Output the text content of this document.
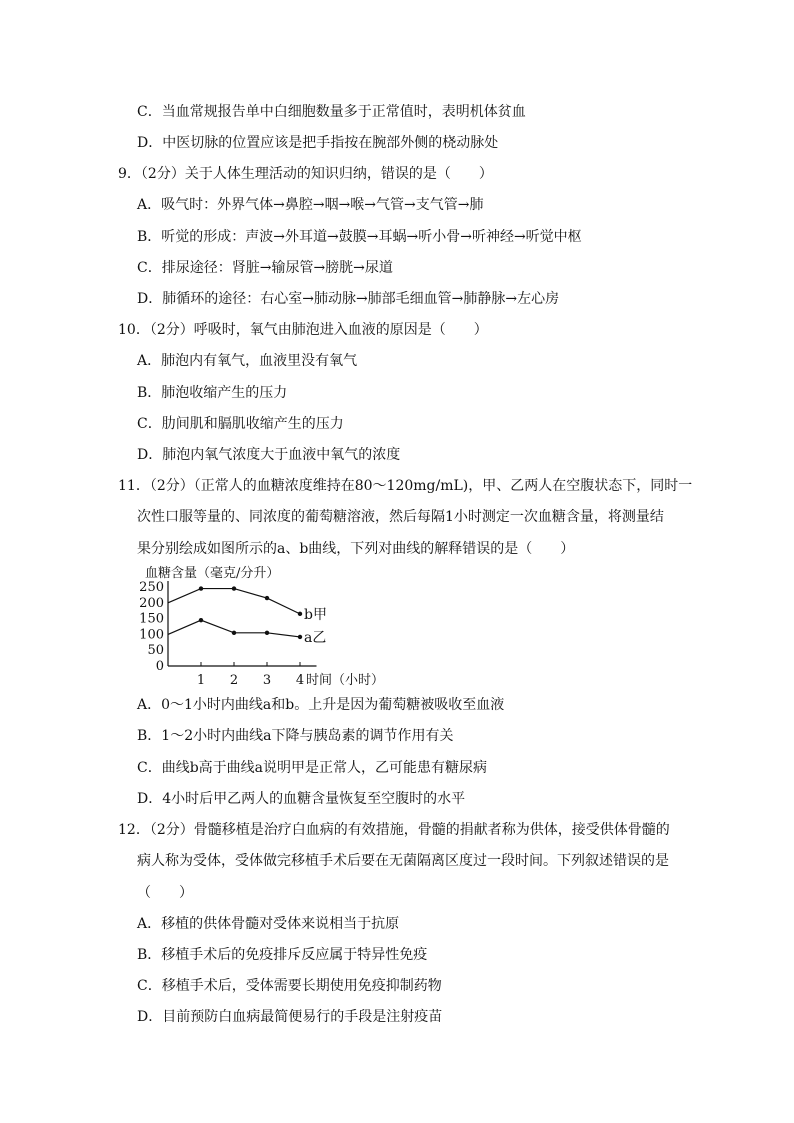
C．当血常规报告单中白细胞数量多于正常值时，表明机体贫血
D．中医切脉的位置应该是把手指按在腕部外侧的桡动脉处
9．（2分）关于人体生理活动的知识归纳，错误的是（　　）
A．吸气时：外界气体→鼻腔→咽→喉→气管→支气管→肺
B．听觉的形成：声波→外耳道→鼓膜→耳蜗→听小骨→听神经→听觉中枢
C．排尿途径：肾脏→输尿管→膀胱→尿道
D．肺循环的途径：右心室→肺动脉→肺部毛细血管→肺静脉→左心房
10．（2分）呼吸时，氧气由肺泡进入血液的原因是（　　）
A．肺泡内有氧气，血液里没有氧气
B．肺泡收缩产生的压力
C．肋间肌和膈肌收缩产生的压力
D．肺泡内氧气浓度大于血液中氧气的浓度
11．（2分）（正常人的血糖浓度维持在80～120mg/mL)，甲、乙两人在空腹状态下，同时一
次性口服等量的、同浓度的葡萄糖溶液，然后每隔1小时测定一次血糖含量，将测量结
果分别绘成如图所示的a、b曲线，下列对曲线的解释错误的是（　　）
血糖含量（毫克/分升）
时间（小时）
0
50
100
150
200
250
1 2 3 4
b甲
a乙
A．0～1小时内曲线a和b。上升是因为葡萄糖被吸收至血液
B．1～2小时内曲线a下降与胰岛素的调节作用有关
C．曲线b高于曲线a说明甲是正常人，乙可能患有糖尿病
D．4小时后甲乙两人的血糖含量恢复至空腹时的水平
12．（2分）骨髓移植是治疗白血病的有效措施，骨髓的捐献者称为供体，接受供体骨髓的
病人称为受体，受体做完移植手术后要在无菌隔离区度过一段时间。下列叙述错误的是
（　　）
A．移植的供体骨髓对受体来说相当于抗原
B．移植手术后的免疫排斥反应属于特异性免疫
C．移植手术后，受体需要长期使用免疫抑制药物
D．目前预防白血病最简便易行的手段是注射疫苗
